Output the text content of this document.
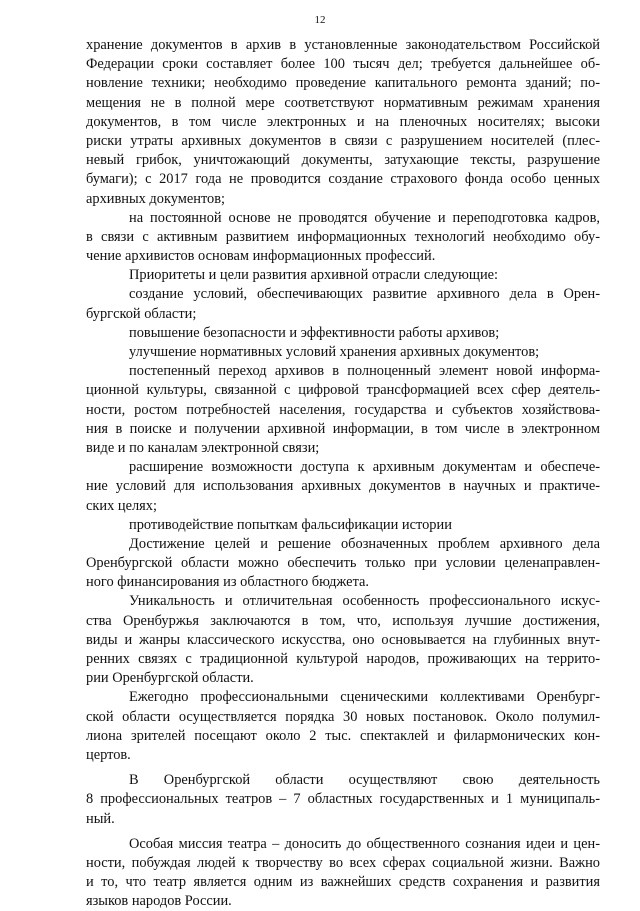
12
хранение документов в архив в установленные законодательством Российской
Федерации сроки составляет более 100 тысяч дел; требуется дальнейшее об-
новление техники; необходимо проведение капитального ремонта зданий; по-
мещения не в полной мере соответствуют нормативным режимам хранения
документов, в том числе электронных и на пленочных носителях; высоки
риски утраты архивных документов в связи с разрушением носителей (плес-
невый грибок, уничтожающий документы, затухающие тексты, разрушение
бумаги); с 2017 года не проводится создание страхового фонда особо ценных
архивных документов;
на постоянной основе не проводятся обучение и переподготовка кадров,
в связи с активным развитием информационных технологий необходимо обу-
чение архивистов основам информационных профессий.
Приоритеты и цели развития архивной отрасли следующие:
создание условий, обеспечивающих развитие архивного дела в Орен-
бургской области;
повышение безопасности и эффективности работы архивов;
улучшение нормативных условий хранения архивных документов;
постепенный переход архивов в полноценный элемент новой информа-
ционной культуры, связанной с цифровой трансформацией всех сфер деятель-
ности, ростом потребностей населения, государства и субъектов хозяйствова-
ния в поиске и получении архивной информации, в том числе в электронном
виде и по каналам электронной связи;
расширение возможности доступа к архивным документам и обеспече-
ние условий для использования архивных документов в научных и практиче-
ских целях;
противодействие попыткам фальсификации истории
Достижение целей и решение обозначенных проблем архивного дела
Оренбургской области можно обеспечить только при условии целенаправлен-
ного финансирования из областного бюджета.
Уникальность и отличительная особенность профессионального искус-
ства Оренбуржья заключаются в том, что, используя лучшие достижения,
виды и жанры классического искусства, оно основывается на глубинных внут-
ренних связях с традиционной культурой народов, проживающих на террито-
рии Оренбургской области.
Ежегодно профессиональными сценическими коллективами Оренбург-
ской области осуществляется порядка 30 новых постановок. Около полумил-
лиона зрителей посещают около 2 тыс. спектаклей и филармонических кон-
цертов.
В Оренбургской области осуществляют свою деятельность
8 профессиональных театров – 7 областных государственных и 1 муниципаль-
ный.
Особая миссия театра – доносить до общественного сознания идеи и цен-
ности, побуждая людей к творчеству во всех сферах социальной жизни. Важно
и то, что театр является одним из важнейших средств сохранения и развития
языков народов России.
